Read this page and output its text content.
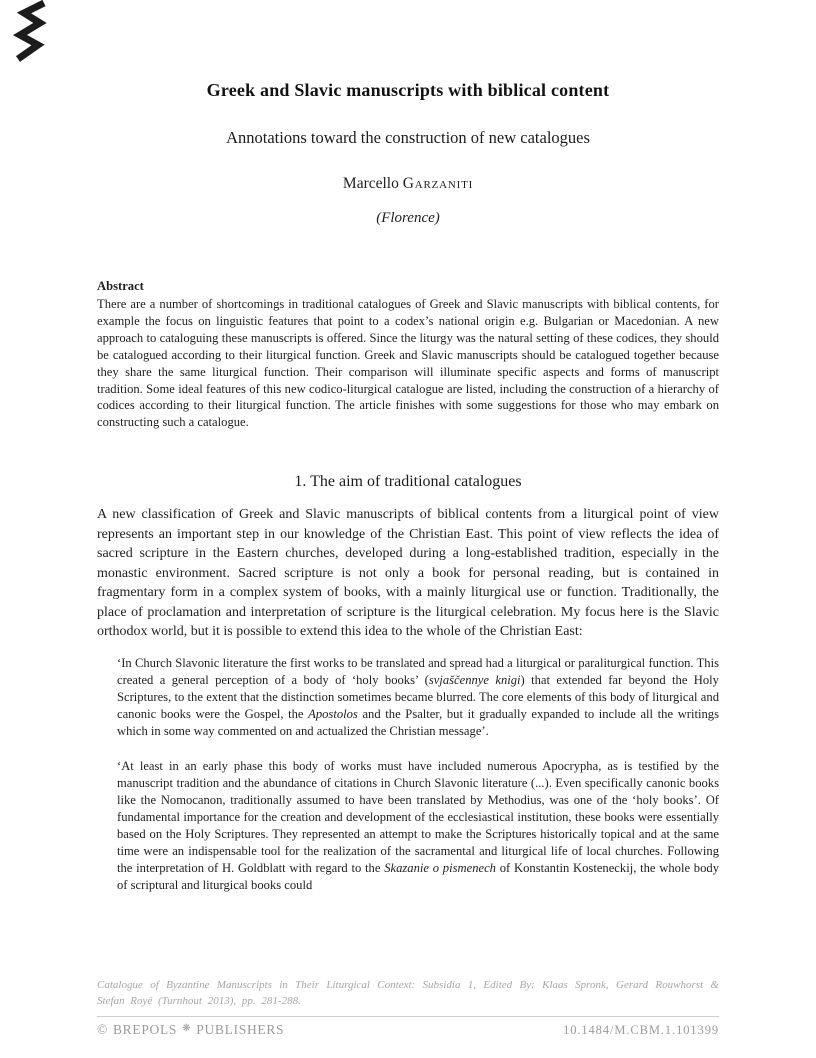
Greek and Slavic manuscripts with biblical content
Annotations toward the construction of new catalogues
Marcello Garzaniti
(Florence)
Abstract

There are a number of shortcomings in traditional catalogues of Greek and Slavic manuscripts with biblical contents, for example the focus on linguistic features that point to a codex’s national origin e.g. Bulgarian or Macedonian. A new approach to cataloguing these manuscripts is offered. Since the liturgy was the natural setting of these codices, they should be catalogued according to their liturgical function. Greek and Slavic manuscripts should be catalogued together because they share the same liturgical function. Their comparison will illuminate specific aspects and forms of manuscript tradition. Some ideal features of this new codico-liturgical catalogue are listed, including the construction of a hierarchy of codices according to their liturgical function. The article finishes with some suggestions for those who may embark on constructing such a catalogue.

1. The aim of traditional catalogues

A new classification of Greek and Slavic manuscripts of biblical contents from a liturgical point of view represents an important step in our knowledge of the Christian East. This point of view reflects the idea of sacred scripture in the Eastern churches, developed during a long-established tradition, especially in the monastic environment. Sacred scripture is not only a book for personal reading, but is contained in fragmentary form in a complex system of books, with a mainly liturgical use or function. Traditionally, the place of proclamation and interpretation of scripture is the liturgical celebration. My focus here is the Slavic orthodox world, but it is possible to extend this idea to the whole of the Christian East:

‘In Church Slavonic literature the first works to be translated and spread had a liturgical or paraliturgical function. This created a general perception of a body of ‘holy books’ (svjaščennye knigi) that extended far beyond the Holy Scriptures, to the extent that the distinction sometimes became blurred. The core elements of this body of liturgical and canonic books were the Gospel, the Apostolos and the Psalter, but it gradually expanded to include all the writings which in some way commented on and actualized the Christian message’.

‘At least in an early phase this body of works must have included numerous Apocrypha, as is testified by the manuscript tradition and the abundance of citations in Church Slavonic literature (...). Even specifically canonic books like the Nomocanon, traditionally assumed to have been translated by Methodius, was one of the ‘holy books’. Of fundamental importance for the creation and development of the ecclesiastical institution, these books were essentially based on the Holy Scriptures. They represented an attempt to make the Scriptures historically topical and at the same time were an indispensable tool for the realization of the sacramental and liturgical life of local churches. Following the interpretation of H. Goldblatt with regard to the Skazanie o pismenech of Konstantin Kosteneckij, the whole body of scriptural and liturgical books could

Catalogue of Byzantine Manuscripts in Their Liturgical Context: Subsidia 1, Edited By: Klaas Spronk, Gerard Rouwhorst & Stefan Royé (Turnhout 2013), pp. 281-288.

© BREPOLS ❋ PUBLISHERS	10.1484/M.CBM.1.101399
